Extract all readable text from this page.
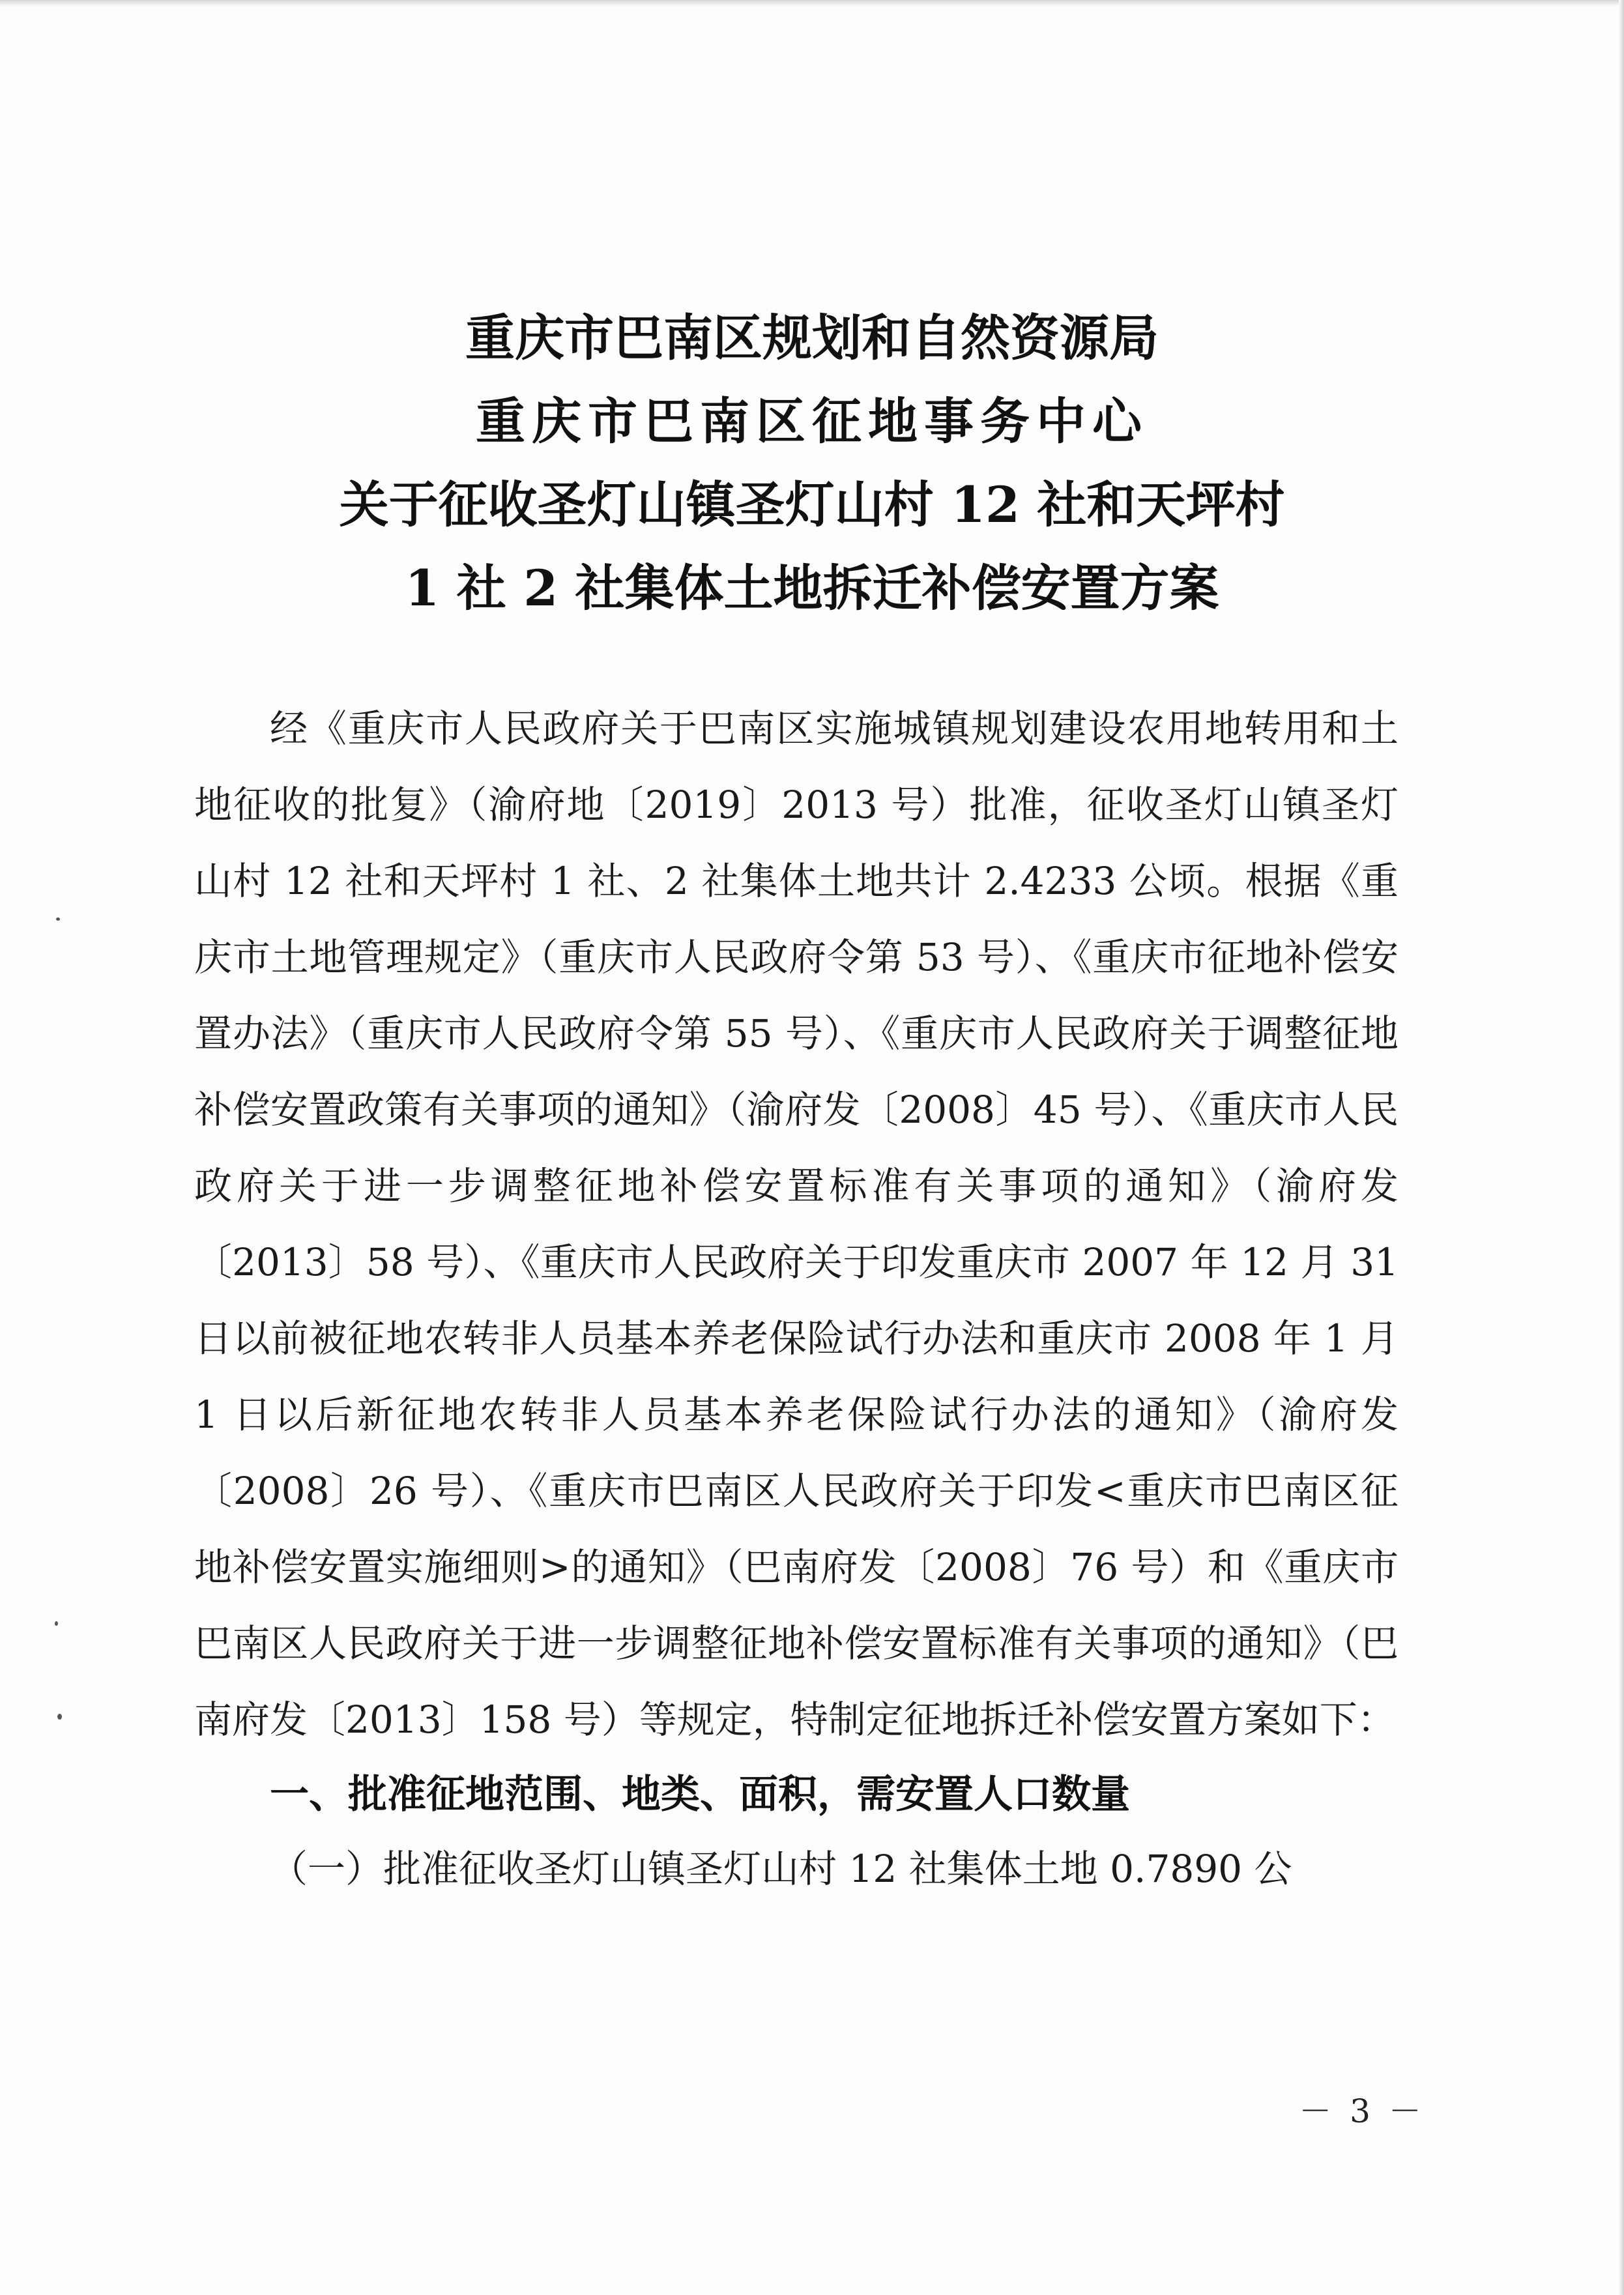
重庆市巴南区规划和自然资源局
重庆市巴南区征地事务中心
关于征收圣灯山镇圣灯山村 12 社和天坪村
1 社 2 社集体土地拆迁补偿安置方案

经《重庆市人民政府关于巴南区实施城镇规划建设农用地转用和土地征收的批复》（渝府地〔2019〕2013 号）批准，征收圣灯山镇圣灯山村 12 社和天坪村 1 社、2 社集体土地共计 2.4233 公顷。根据《重庆市土地管理规定》（重庆市人民政府令第 53 号）、《重庆市征地补偿安置办法》（重庆市人民政府令第 55 号）、《重庆市人民政府关于调整征地补偿安置政策有关事项的通知》（渝府发〔2008〕45 号）、《重庆市人民政府关于进一步调整征地补偿安置标准有关事项的通知》（渝府发〔2013〕58 号）、《重庆市人民政府关于印发重庆市 2007 年 12 月 31 日以前被征地农转非人员基本养老保险试行办法和重庆市 2008 年 1 月 1 日以后新征地农转非人员基本养老保险试行办法的通知》（渝府发〔2008〕26 号）、《重庆市巴南区人民政府关于印发<重庆市巴南区征地补偿安置实施细则>的通知》（巴南府发〔2008〕76 号）和《重庆市巴南区人民政府关于进一步调整征地补偿安置标准有关事项的通知》（巴南府发〔2013〕158 号）等规定，特制定征地拆迁补偿安置方案如下：

一、批准征地范围、地类、面积，需安置人口数量

（一）批准征收圣灯山镇圣灯山村 12 社集体土地 0.7890 公

－ 3 －
